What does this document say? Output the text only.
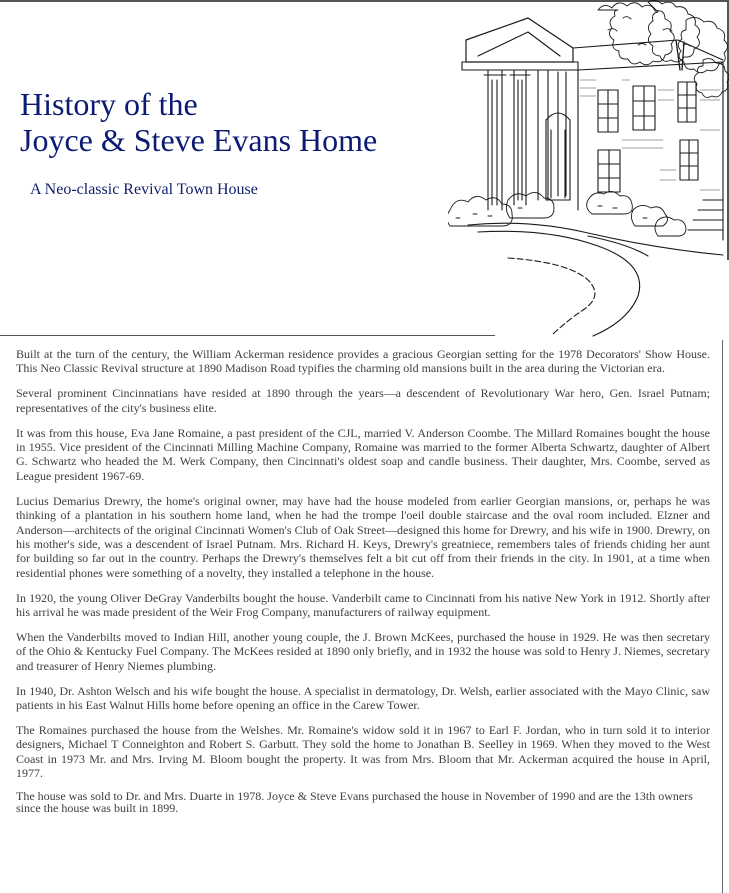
History of the
Joyce & Steve Evans Home

A Neo-classic Revival Town House

Built at the turn of the century, the William Ackerman residence provides a gracious Georgian setting for the 1978 Decorators' Show House. This Neo Classic Revival structure at 1890 Madison Road typifies the charming old mansions built in the area during the Victorian era.

Several prominent Cincinnatians have resided at 1890 through the years—a descendent of Revolutionary War hero, Gen. Israel Putnam; representatives of the city's business elite.

It was from this house, Eva Jane Romaine, a past president of the CJL, married V. Anderson Coombe. The Millard Romaines bought the house in 1955. Vice president of the Cincinnati Milling Machine Company, Romaine was married to the former Alberta Schwartz, daughter of Albert G. Schwartz who headed the M. Werk Company, then Cincinnati's oldest soap and candle business. Their daughter, Mrs. Coombe, served as League president 1967-69.

Lucius Demarius Drewry, the home's original owner, may have had the house modeled from earlier Georgian mansions, or, perhaps he was thinking of a plantation in his southern home land, when he had the trompe l'oeil double staircase and the oval room included. Elzner and Anderson—architects of the original Cincinnati Women's Club of Oak Street—designed this home for Drewry, and his wife in 1900. Drewry, on his mother's side, was a descendent of Israel Putnam. Mrs. Richard H. Keys, Drewry's greatniece, remembers tales of friends chiding her aunt for building so far out in the country. Perhaps the Drewry's themselves felt a bit cut off from their friends in the city. In 1901, at a time when residential phones were something of a novelty, they installed a telephone in the house.

In 1920, the young Oliver DeGray Vanderbilts bought the house. Vanderbilt came to Cincinnati from his native New York in 1912. Shortly after his arrival he was made president of the Weir Frog Company, manufacturers of railway equipment.

When the Vanderbilts moved to Indian Hill, another young couple, the J. Brown McKees, purchased the house in 1929. He was then secretary of the Ohio & Kentucky Fuel Company. The McKees resided at 1890 only briefly, and in 1932 the house was sold to Henry J. Niemes, secretary and treasurer of Henry Niemes plumbing.

In 1940, Dr. Ashton Welsch and his wife bought the house. A specialist in dermatology, Dr. Welsh, earlier associated with the Mayo Clinic, saw patients in his East Walnut Hills home before opening an office in the Carew Tower.

The Romaines purchased the house from the Welshes. Mr. Romaine's widow sold it in 1967 to Earl F. Jordan, who in turn sold it to interior designers, Michael T Conneighton and Robert S. Garbutt. They sold the home to Jonathan B. Seelley in 1969. When they moved to the West Coast in 1973 Mr. and Mrs. Irving M. Bloom bought the property. It was from Mrs. Bloom that Mr. Ackerman acquired the house in April, 1977.

The house was sold to Dr. and Mrs. Duarte in 1978. Joyce & Steve Evans purchased the house in November of 1990 and are the 13th owners since the house was built in 1899.
